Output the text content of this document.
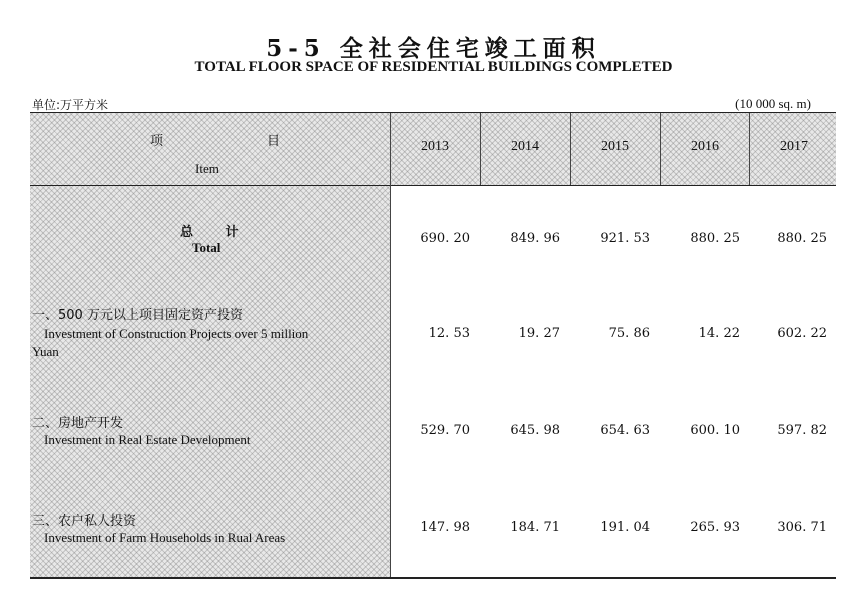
5-5 全社会住宅竣工面积
TOTAL FLOOR SPACE OF RESIDENTIAL BUILDINGS COMPLETED
单位:万平方米	(10 000 sq. m)
项	目
Item
2013	2014	2015	2016	2017
总 计
Total
690. 20	849. 96	921. 53	880. 25	880. 25
一、500 万元以上项目固定资产投资
Investment of Construction Projects over 5 million
Yuan
12. 53	19. 27	75. 86	14. 22	602. 22
二、房地产开发
Investment in Real Estate Development
529. 70	645. 98	654. 63	600. 10	597. 82
三、农户私人投资
Investment of Farm Households in Rual Areas
147. 98	184. 71	191. 04	265. 93	306. 71
